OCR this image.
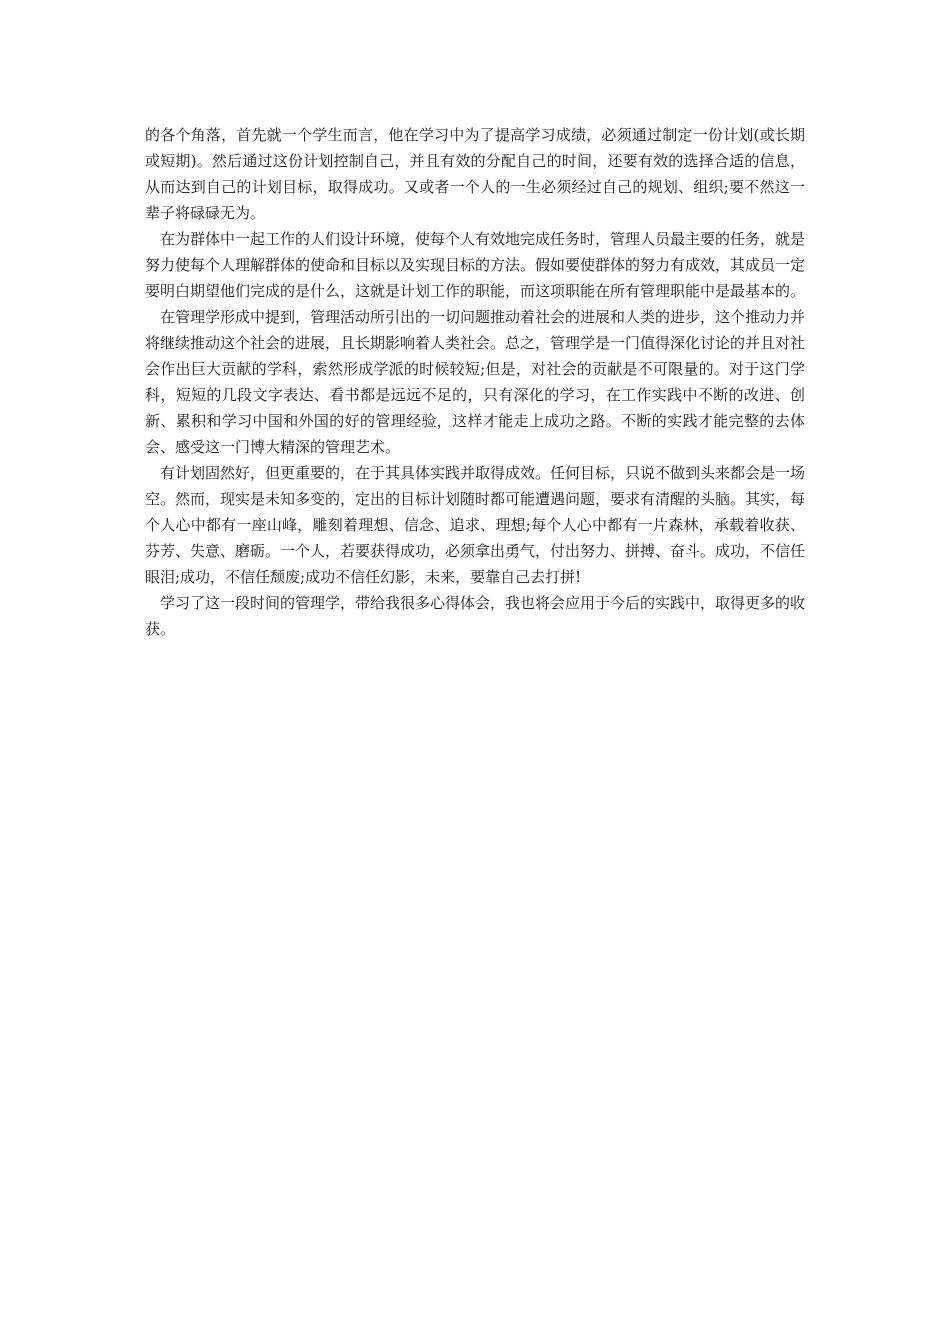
的各个角落，首先就一个学生而言，他在学习中为了提高学习成绩，必须通过制定一份计划(或长期或短期)。然后通过这份计划控制自己，并且有效的分配自己的时间，还要有效的选择合适的信息，从而达到自己的计划目标，取得成功。又或者一个人的一生必须经过自己的规划、组织;要不然这一辈子将碌碌无为。

在为群体中一起工作的人们设计环境，使每个人有效地完成任务时，管理人员最主要的任务，就是努力使每个人理解群体的使命和目标以及实现目标的方法。假如要使群体的努力有成效，其成员一定要明白期望他们完成的是什么，这就是计划工作的职能，而这项职能在所有管理职能中是最基本的。

在管理学形成中提到，管理活动所引出的一切问题推动着社会的进展和人类的进步，这个推动力并将继续推动这个社会的进展，且长期影响着人类社会。总之，管理学是一门值得深化讨论的并且对社会作出巨大贡献的学科，索然形成学派的时候较短;但是，对社会的贡献是不可限量的。对于这门学科，短短的几段文字表达、看书都是远远不足的，只有深化的学习，在工作实践中不断的改进、创新、累积和学习中国和外国的好的管理经验，这样才能走上成功之路。不断的实践才能完整的去体会、感受这一门博大精深的管理艺术。

有计划固然好，但更重要的，在于其具体实践并取得成效。任何目标，只说不做到头来都会是一场空。然而，现实是未知多变的，定出的目标计划随时都可能遭遇问题，要求有清醒的头脑。其实，每个人心中都有一座山峰，雕刻着理想、信念、追求、理想;每个人心中都有一片森林，承载着收获、芬芳、失意、磨砺。一个人，若要获得成功，必须拿出勇气，付出努力、拼搏、奋斗。成功，不信任眼泪;成功，不信任颓废;成功不信任幻影，未来，要靠自己去打拼!

学习了这一段时间的管理学，带给我很多心得体会，我也将会应用于今后的实践中，取得更多的收获。
